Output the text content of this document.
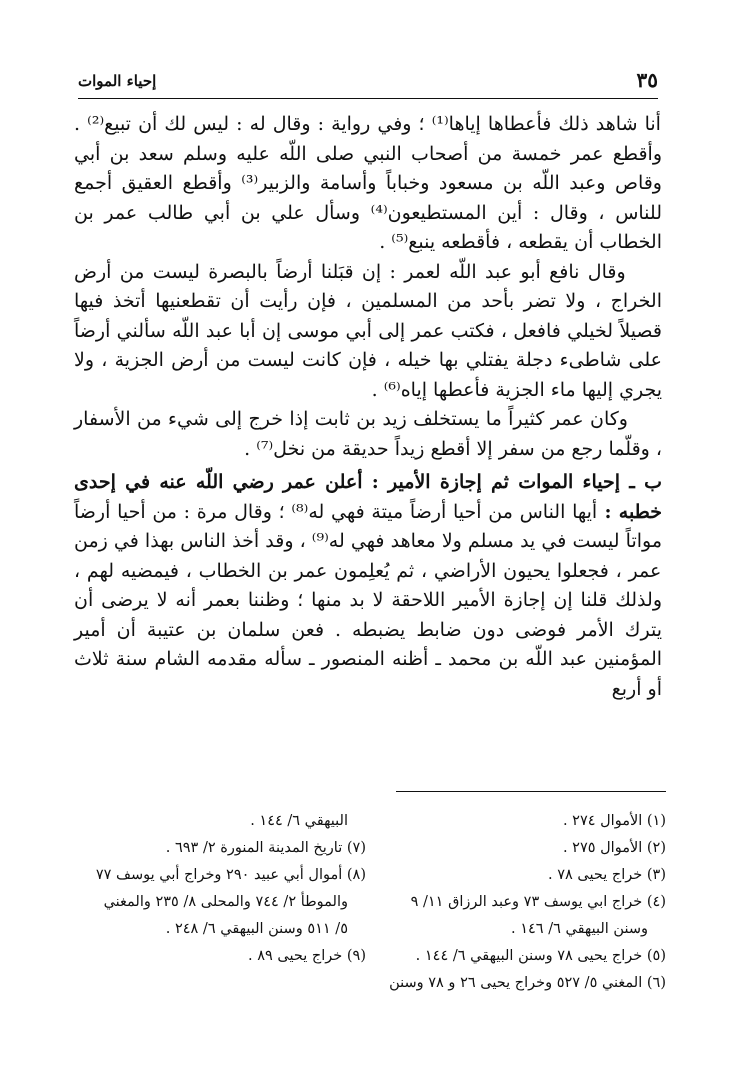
٣٥
إحياء الموات

أنا شاهد ذلك فأعطاها إياها⁽¹⁾ ؛ وفي رواية : وقال له : ليس لك أن تبيع⁽²⁾ . وأقطع عمر خمسة من أصحاب النبي صلى اللّه عليه وسلم سعد بن أبي وقاص وعبد اللّه بن مسعود وخباباً وأسامة والزبير⁽³⁾ وأقطع العقيق أجمع للناس ، وقال : أين المستطيعون⁽⁴⁾ وسأل علي بن أبي طالب عمر بن الخطاب أن يقطعه ، فأقطعه ينبع⁽⁵⁾ .

وقال نافع أبو عبد اللّه لعمر : إن قبَلنا أرضاً بالبصرة ليست من أرض الخراج ، ولا تضر بأحد من المسلمين ، فإن رأيت أن تقطعنيها أتخذ فيها قصيلاً لخيلي فافعل ، فكتب عمر إلى أبي موسى إن أبا عبد اللّه سألني أرضاً على شاطىء دجلة يفتلي بها خيله ، فإن كانت ليست من أرض الجزية ، ولا يجري إليها ماء الجزية فأعطها إياه⁽⁶⁾ .

وكان عمر كثيراً ما يستخلف زيد بن ثابت إذا خرج إلى شيء من الأسفار ، وقلّما رجع من سفر إلا أقطع زيداً حديقة من نخل⁽⁷⁾ .

ب ـ إحياء الموات ثم إجازة الأمير : أعلن عمر رضي اللّه عنه في إحدى خطبه : أيها الناس من أحيا أرضاً ميتة فهي له⁽⁸⁾ ؛ وقال مرة : من أحيا أرضاً مواتاً ليست في يد مسلم ولا معاهد فهي له⁽⁹⁾ ، وقد أخذ الناس بهذا في زمن عمر ، فجعلوا يحيون الأراضي ، ثم يُعلِمون عمر بن الخطاب ، فيمضيه لهم ، ولذلك قلنا إن إجازة الأمير اللاحقة لا بد منها ؛ وظننا بعمر أنه لا يرضى أن يترك الأمر فوضى دون ضابط يضبطه . فعن سلمان بن عتيبة أن أمير المؤمنين عبد اللّه بن محمد ـ أظنه المنصور ـ سأله مقدمه الشام سنة ثلاث أو أربع

(١) الأموال ٢٧٤ .

(٢) الأموال ٢٧٥ .

(٣) خراج يحيى ٧٨ .

(٤) خراج ابي يوسف ٧٣ وعبد الرزاق ١١/ ٩

وسنن البيهقي ٦/ ١٤٦ .

(٥) خراج يحيى ٧٨ وسنن البيهقي ٦/ ١٤٤ .

(٦) المغني ٥/ ٥٢٧ وخراج يحيى ٢٦ و ٧٨ وسنن

البيهقي ٦/ ١٤٤ .

(٧) تاريخ المدينة المنورة ٢/ ٦٩٣ .

(٨) أموال أبي عبيد ٢٩٠ وخراج أبي يوسف ٧٧

والموطأ ٢/ ٧٤٤ والمحلى ٨/ ٢٣٥ والمغني

٥/ ٥١١ وسنن البيهقي ٦/ ٢٤٨ .

(٩) خراج يحيى ٨٩ .
